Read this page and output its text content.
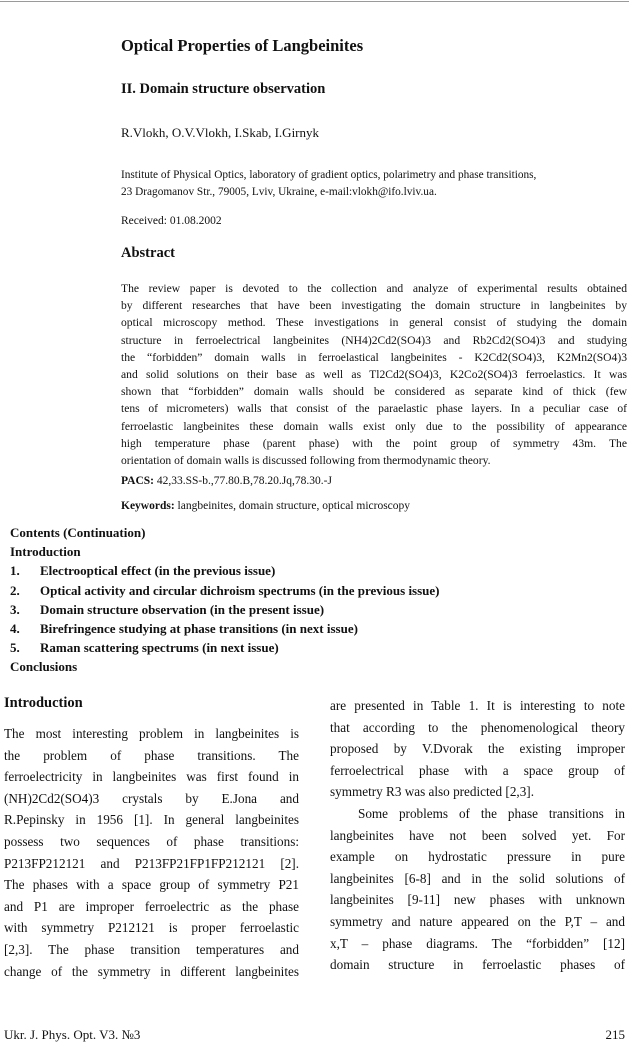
Optical Properties of Langbeinites
II. Domain structure observation
R.Vlokh, O.V.Vlokh, I.Skab, I.Girnyk
Institute of Physical Optics, laboratory of gradient optics, polarimetry and phase transitions,
23 Dragomanov Str., 79005, Lviv, Ukraine, e-mail:vlokh@ifo.lviv.ua.
Received: 01.08.2002
Abstract
The review paper is devoted to the collection and analyze of experimental results obtained
by different researches that have been investigating the domain structure in langbeinites by
optical microscopy method. These investigations in general consist of studying the domain
structure in ferroelectrical langbeinites (NH4)2Cd2(SO4)3 and Rb2Cd2(SO4)3 and studying
the “forbidden” domain walls in ferroelastical langbeinites - K2Cd2(SO4)3, K2Mn2(SO4)3
and solid solutions on their base as well as Tl2Cd2(SO4)3, K2Co2(SO4)3 ferroelastics. It was
shown that “forbidden” domain walls should be considered as separate kind of thick (few
tens of micrometers) walls that consist of the paraelastic phase layers. In a peculiar case of
ferroelastic langbeinites these domain walls exist only due to the possibility of appearance
high temperature phase (parent phase) with the point group of symmetry 43m. The
orientation of domain walls is discussed following from thermodynamic theory.
PACS: 42,33.SS-b.,77.80.B,78.20.Jq,78.30.-J
Keywords: langbeinites, domain structure, optical microscopy
Contents (Continuation)
Introduction
1. Electrooptical effect (in the previous issue)
2. Optical activity and circular dichroism spectrums (in the previous issue)
3. Domain structure observation (in the present issue)
4. Birefringence studying at phase transitions (in next issue)
5. Raman scattering spectrums (in next issue)
Conclusions
Introduction
The most interesting problem in langbeinites is
the problem of phase transitions. The
ferroelectricity in langbeinites was first found in
(NH)2Cd2(SO4)3 crystals by E.Jona and
R.Pepinsky in 1956 [1]. In general langbeinites
possess two sequences of phase transitions:
P213FP212121 and P213FP21FP1FP212121 [2].
The phases with a space group of symmetry P21
and P1 are improper ferroelectric as the phase
with symmetry P212121 is proper ferroelastic
[2,3]. The phase transition temperatures and
change of the symmetry in different langbeinites
are presented in Table 1. It is interesting to note
that according to the phenomenological theory
proposed by V.Dvorak the existing improper
ferroelectrical phase with a space group of
symmetry R3 was also predicted [2,3].
Some problems of the phase transitions in
langbeinites have not been solved yet. For
example on hydrostatic pressure in pure
langbeinites [6-8] and in the solid solutions of
langbeinites [9-11] new phases with unknown
symmetry and nature appeared on the P,T – and
x,T – phase diagrams. The “forbidden” [12]
domain structure in ferroelastic phases of
Ukr. J. Phys. Opt. V3. №3	215
